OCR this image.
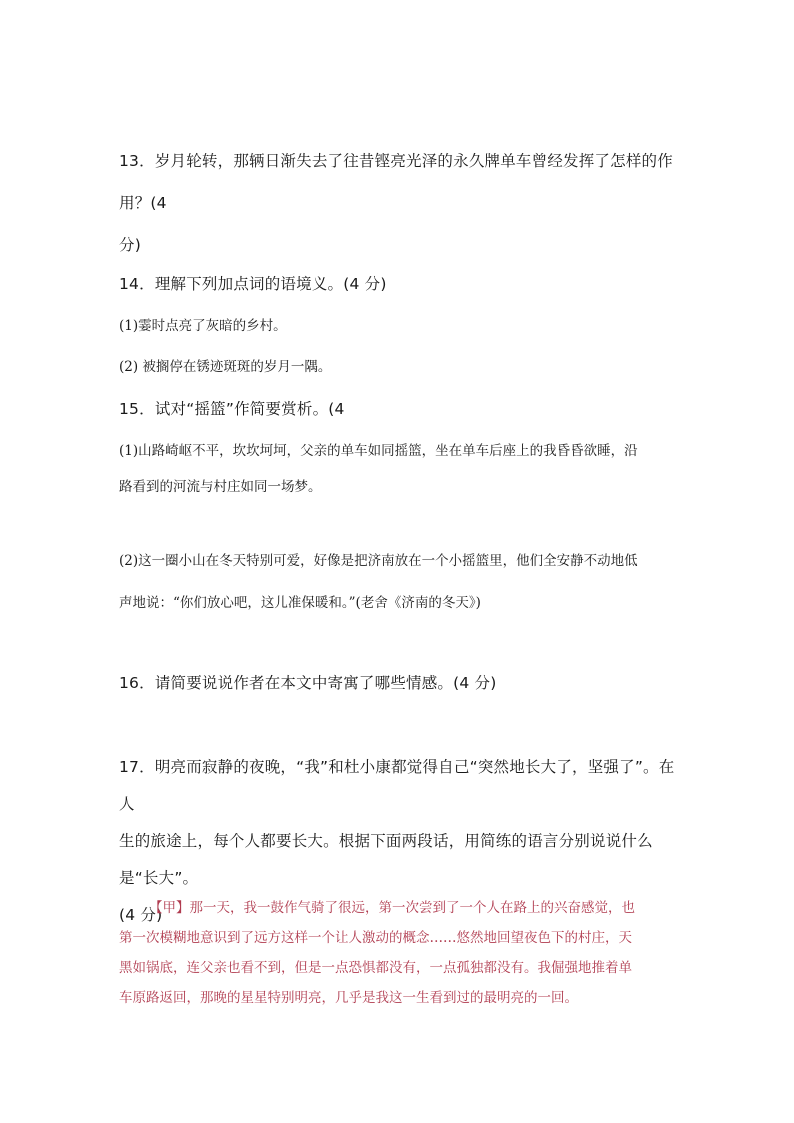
13．岁月轮转，那辆日渐失去了往昔铿亮光泽的永久牌单车曾经发挥了怎样的作用？(4
分)
14．理解下列加点词的语境义。(4 分)
(1)霎时点亮了灰暗的乡村。
(2) 被搁停在锈迹斑斑的岁月一隅。
15．试对“摇篮”作简要赏析。(4
(1)山路崎岖不平，坎坎坷坷，父亲的单车如同摇篮，坐在单车后座上的我昏昏欲睡，沿
路看到的河流与村庄如同一场梦。
(2)这一圈小山在冬天特别可爱，好像是把济南放在一个小摇篮里，他们全安静不动地低
声地说：“你们放心吧，这儿准保暖和。”(老舍《济南的冬天》)
16．请简要说说作者在本文中寄寓了哪些情感。(4 分)
17．明亮而寂静的夜晚，“我”和杜小康都觉得自己“突然地长大了，坚强了”。在人
生的旅途上，每个人都要长大。根据下面两段话，用简练的语言分别说说什么是“长大”。
(4 分)
【甲】那一天，我一鼓作气骑了很远，第一次尝到了一个人在路上的兴奋感觉，也
第一次模糊地意识到了远方这样一个让人激动的概念……悠然地回望夜色下的村庄，天
黑如锅底，连父亲也看不到，但是一点恐惧都没有，一点孤独都没有。我倔强地推着单
车原路返回，那晚的星星特别明亮，几乎是我这一生看到过的最明亮的一回。
